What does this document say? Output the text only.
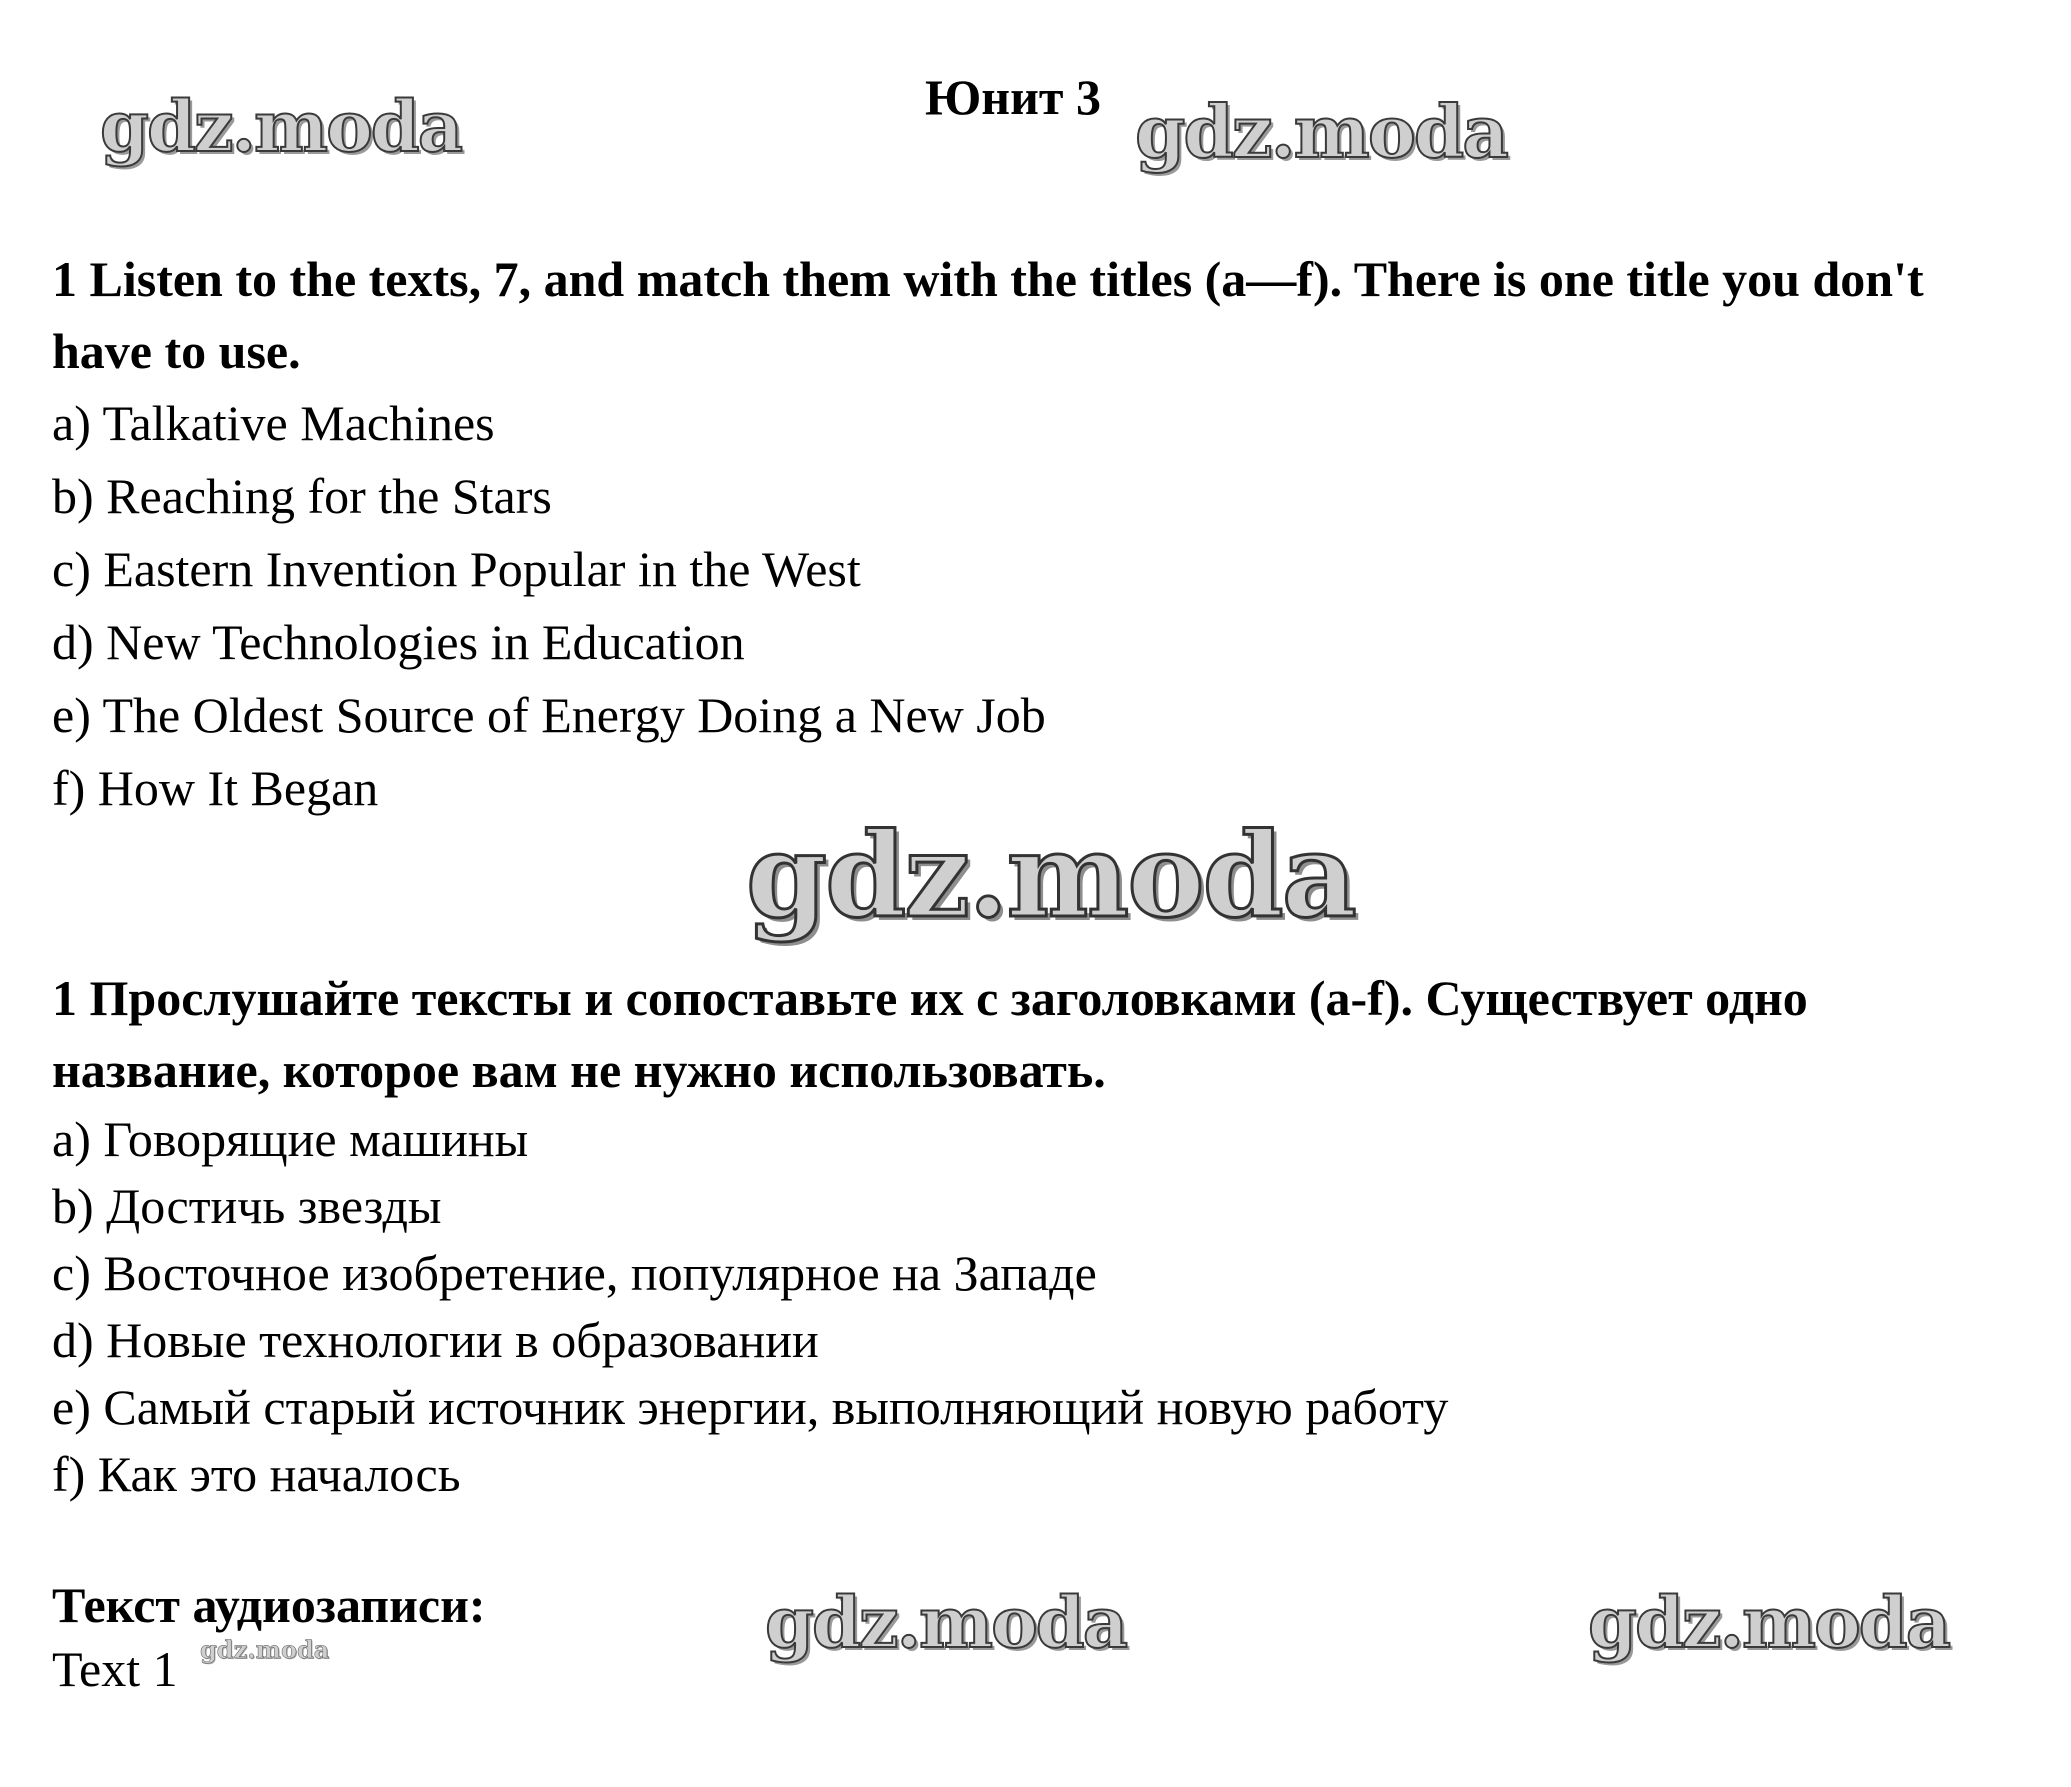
Юнит 3
gdz.moda	gdz.moda

1 Listen to the texts, 7, and match them with the titles (a—f). There is one title you don't have to use.

a) Talkative Machines
b) Reaching for the Stars
c) Eastern Invention Popular in the West
d) New Technologies in Education
e) The Oldest Source of Energy Doing a New Job
f) How It Began
gdz.moda

1 Прослушайте тексты и сопоставьте их с заголовками (a-f). Существует одно название, которое вам не нужно использовать.

a) Говорящие машины
b) Достичь звезды
c) Восточное изобретение, популярное на Западе
d) Новые технологии в образовании
e) Самый старый источник энергии, выполняющий новую работу
f) Как это началось

Текст аудиозаписи:

Text 1 gdz.moda	gdz.moda	gdz.moda
